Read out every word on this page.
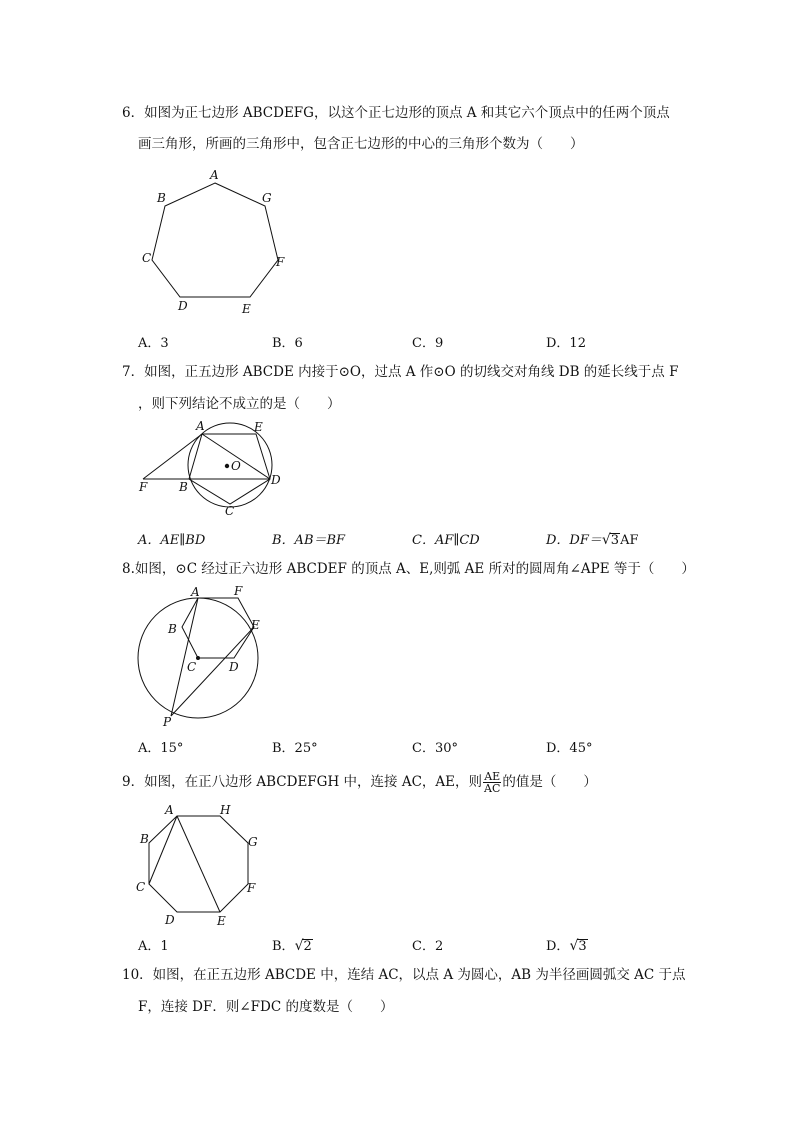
6．如图为正七边形 ABCDEFG，以这个正七边形的顶点 A 和其它六个顶点中的任两个顶点
画三角形，所画的三角形中，包含正七边形的中心的三角形个数为（　　）
A
B
C
D	E
F
G
A．3	B．6	C．9	D．12
7．如图，正五边形 ABCDE 内接于⊙O，过点 A 作⊙O 的切线交对角线 DB 的延长线于点 F
，则下列结论不成立的是（　　）
A
B
C
D
E
F
O
A．AE∥BD	B．AB＝BF	C．AF∥CD	D．DF＝√3AF
8.如图，⊙C 经过正六边形 ABCDEF 的顶点 A、E,则弧 AE 所对的圆周角∠APE 等于（　　）
A
B
C	D
E
F
P
A．15°	B．25°	C．30°	D．45°
9．如图，在正八边形 ABCDEFGH 中，连接 AC，AE，则 $\frac{AE}{AC}$ 的值是（　　）
A
B
C
D	E
F
G
H
A．1	B．√2	C．2	D．√3
10．如图，在正五边形 ABCDE 中，连结 AC，以点 A 为圆心，AB 为半径画圆弧交 AC 于点
F，连接 DF．则∠FDC 的度数是（　　）
